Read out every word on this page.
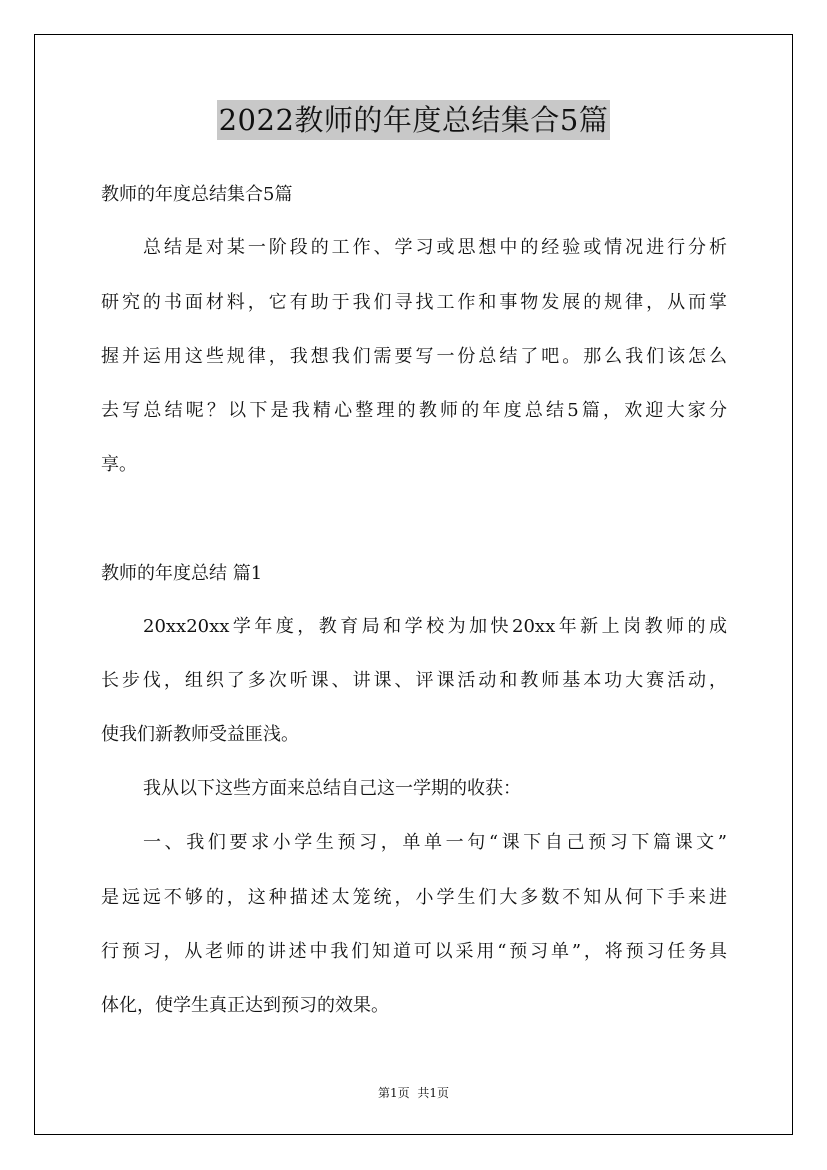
2022教师的年度总结集合5篇
教师的年度总结集合5篇
总结是对某一阶段的工作、学习或思想中的经验或情况进行分析
研究的书面材料，它有助于我们寻找工作和事物发展的规律，从而掌
握并运用这些规律，我想我们需要写一份总结了吧。那么我们该怎么
去写总结呢？以下是我精心整理的教师的年度总结5篇，欢迎大家分
享。
教师的年度总结 篇1
20xx20xx学年度，教育局和学校为加快20xx年新上岗教师的成
长步伐，组织了多次听课、讲课、评课活动和教师基本功大赛活动，
使我们新教师受益匪浅。
我从以下这些方面来总结自己这一学期的收获：
一、我们要求小学生预习，单单一句“课下自己预习下篇课文”
是远远不够的，这种描述太笼统，小学生们大多数不知从何下手来进
行预习，从老师的讲述中我们知道可以采用“预习单”，将预习任务具
体化，使学生真正达到预习的效果。
第1页 共1页
